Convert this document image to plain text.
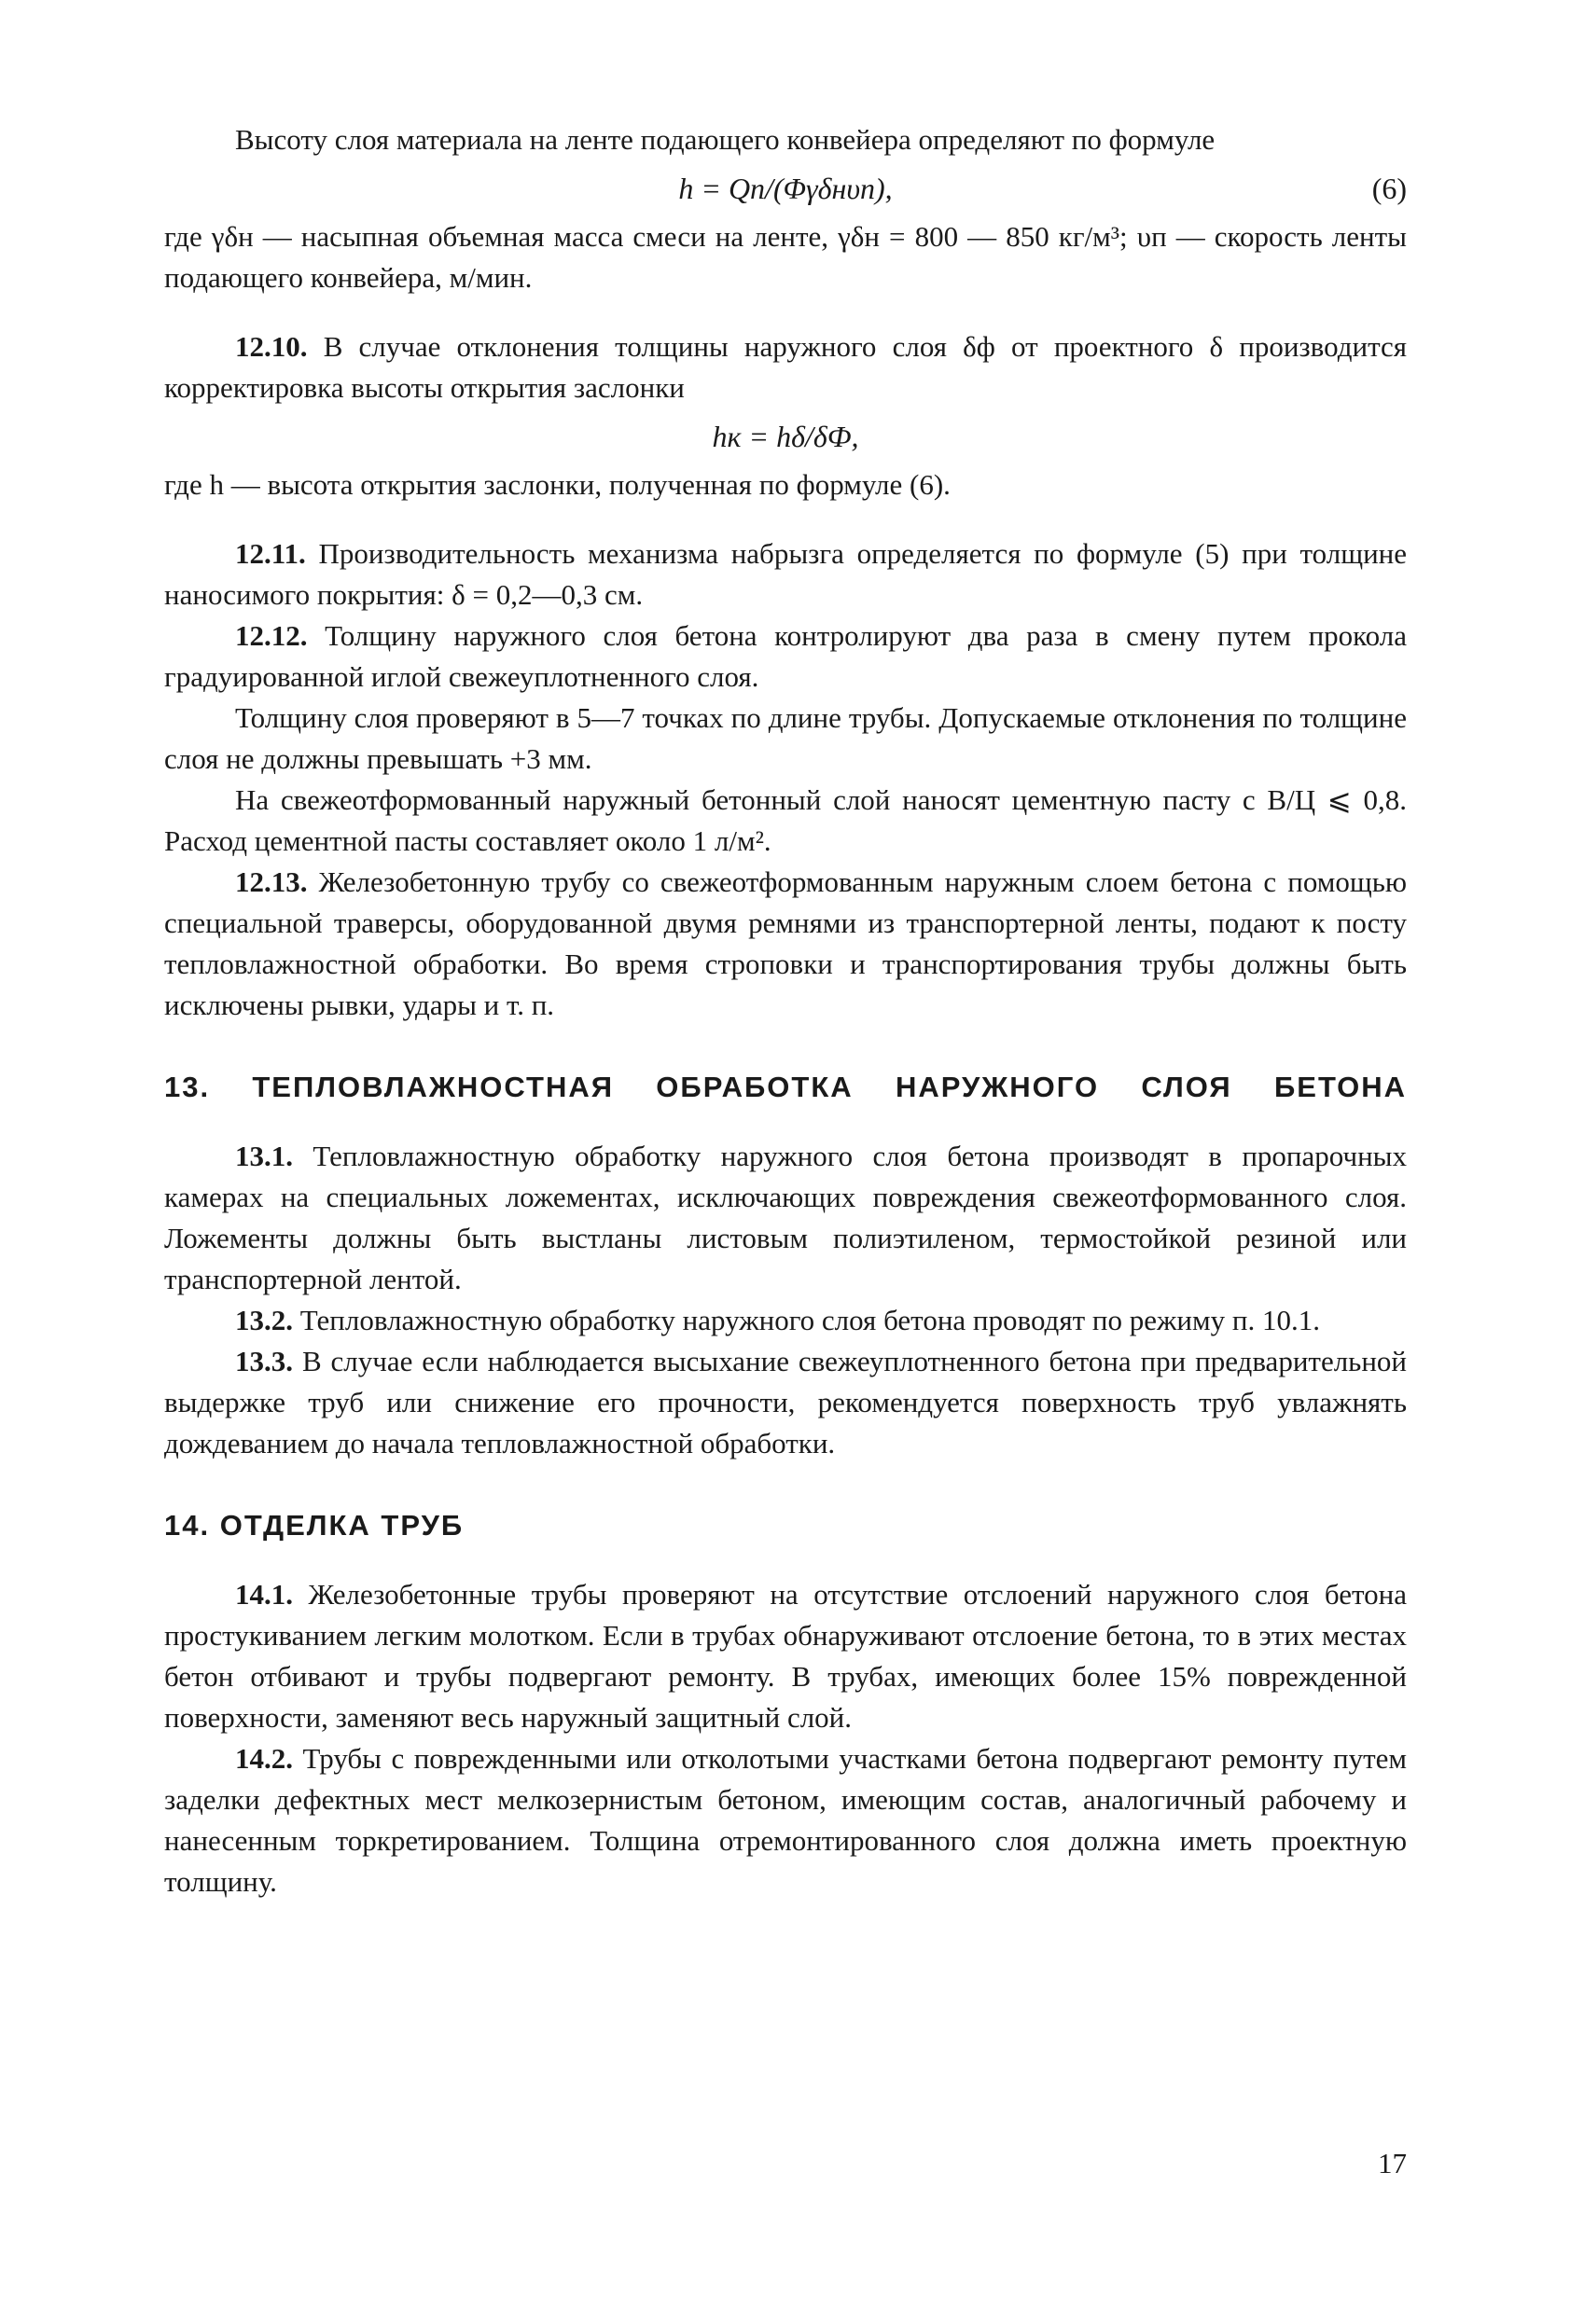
Высоту слоя материала на ленте подающего конвейера определяют по формуле

h = Qп/(Φγδнυп),	(6)

где γδн — насыпная объемная масса смеси на ленте, γδн = 800 — 850 кг/м³; υп — скорость ленты подающего конвейера, м/мин.

12.10. В случае отклонения толщины наружного слоя δф от проектного δ производится корректировка высоты открытия заслонки

hк = hδ/δФ,

где h — высота открытия заслонки, полученная по формуле (6).

12.11. Производительность механизма набрызга определяется по формуле (5) при толщине наносимого покрытия: δ = 0,2—0,3 см.

12.12. Толщину наружного слоя бетона контролируют два раза в смену путем прокола градуированной иглой свежеуплотненного слоя.

Толщину слоя проверяют в 5—7 точках по длине трубы. Допускаемые отклонения по толщине слоя не должны превышать +3 мм.

На свежеотформованный наружный бетонный слой наносят цементную пасту с В/Ц ⩽ 0,8. Расход цементной пасты составляет около 1 л/м².

12.13. Железобетонную трубу со свежеотформованным наружным слоем бетона с помощью специальной траверсы, оборудованной двумя ремнями из транспортерной ленты, подают к посту тепловлажностной обработки. Во время строповки и транспортирования трубы должны быть исключены рывки, удары и т. п.

13. ТЕПЛОВЛАЖНОСТНАЯ ОБРАБОТКА НАРУЖНОГО СЛОЯ БЕТОНА

13.1. Тепловлажностную обработку наружного слоя бетона производят в пропарочных камерах на специальных ложементах, исключающих повреждения свежеотформованного слоя. Ложементы должны быть выстланы листовым полиэтиленом, термостойкой резиной или транспортерной лентой.

13.2. Тепловлажностную обработку наружного слоя бетона проводят по режиму п. 10.1.

13.3. В случае если наблюдается высыхание свежеуплотненного бетона при предварительной выдержке труб или снижение его прочности, рекомендуется поверхность труб увлажнять дождеванием до начала тепловлажностной обработки.

14. ОТДЕЛКА ТРУБ

14.1. Железобетонные трубы проверяют на отсутствие отслоений наружного слоя бетона простукиванием легким молотком. Если в трубах обнаруживают отслоение бетона, то в этих местах бетон отбивают и трубы подвергают ремонту. В трубах, имеющих более 15% поврежденной поверхности, заменяют весь наружный защитный слой.

14.2. Трубы с поврежденными или отколотыми участками бетона подвергают ремонту путем заделки дефектных мест мелкозернистым бетоном, имеющим состав, аналогичный рабочему и нанесенным торкретированием. Толщина отремонтированного слоя должна иметь проектную толщину.

17
